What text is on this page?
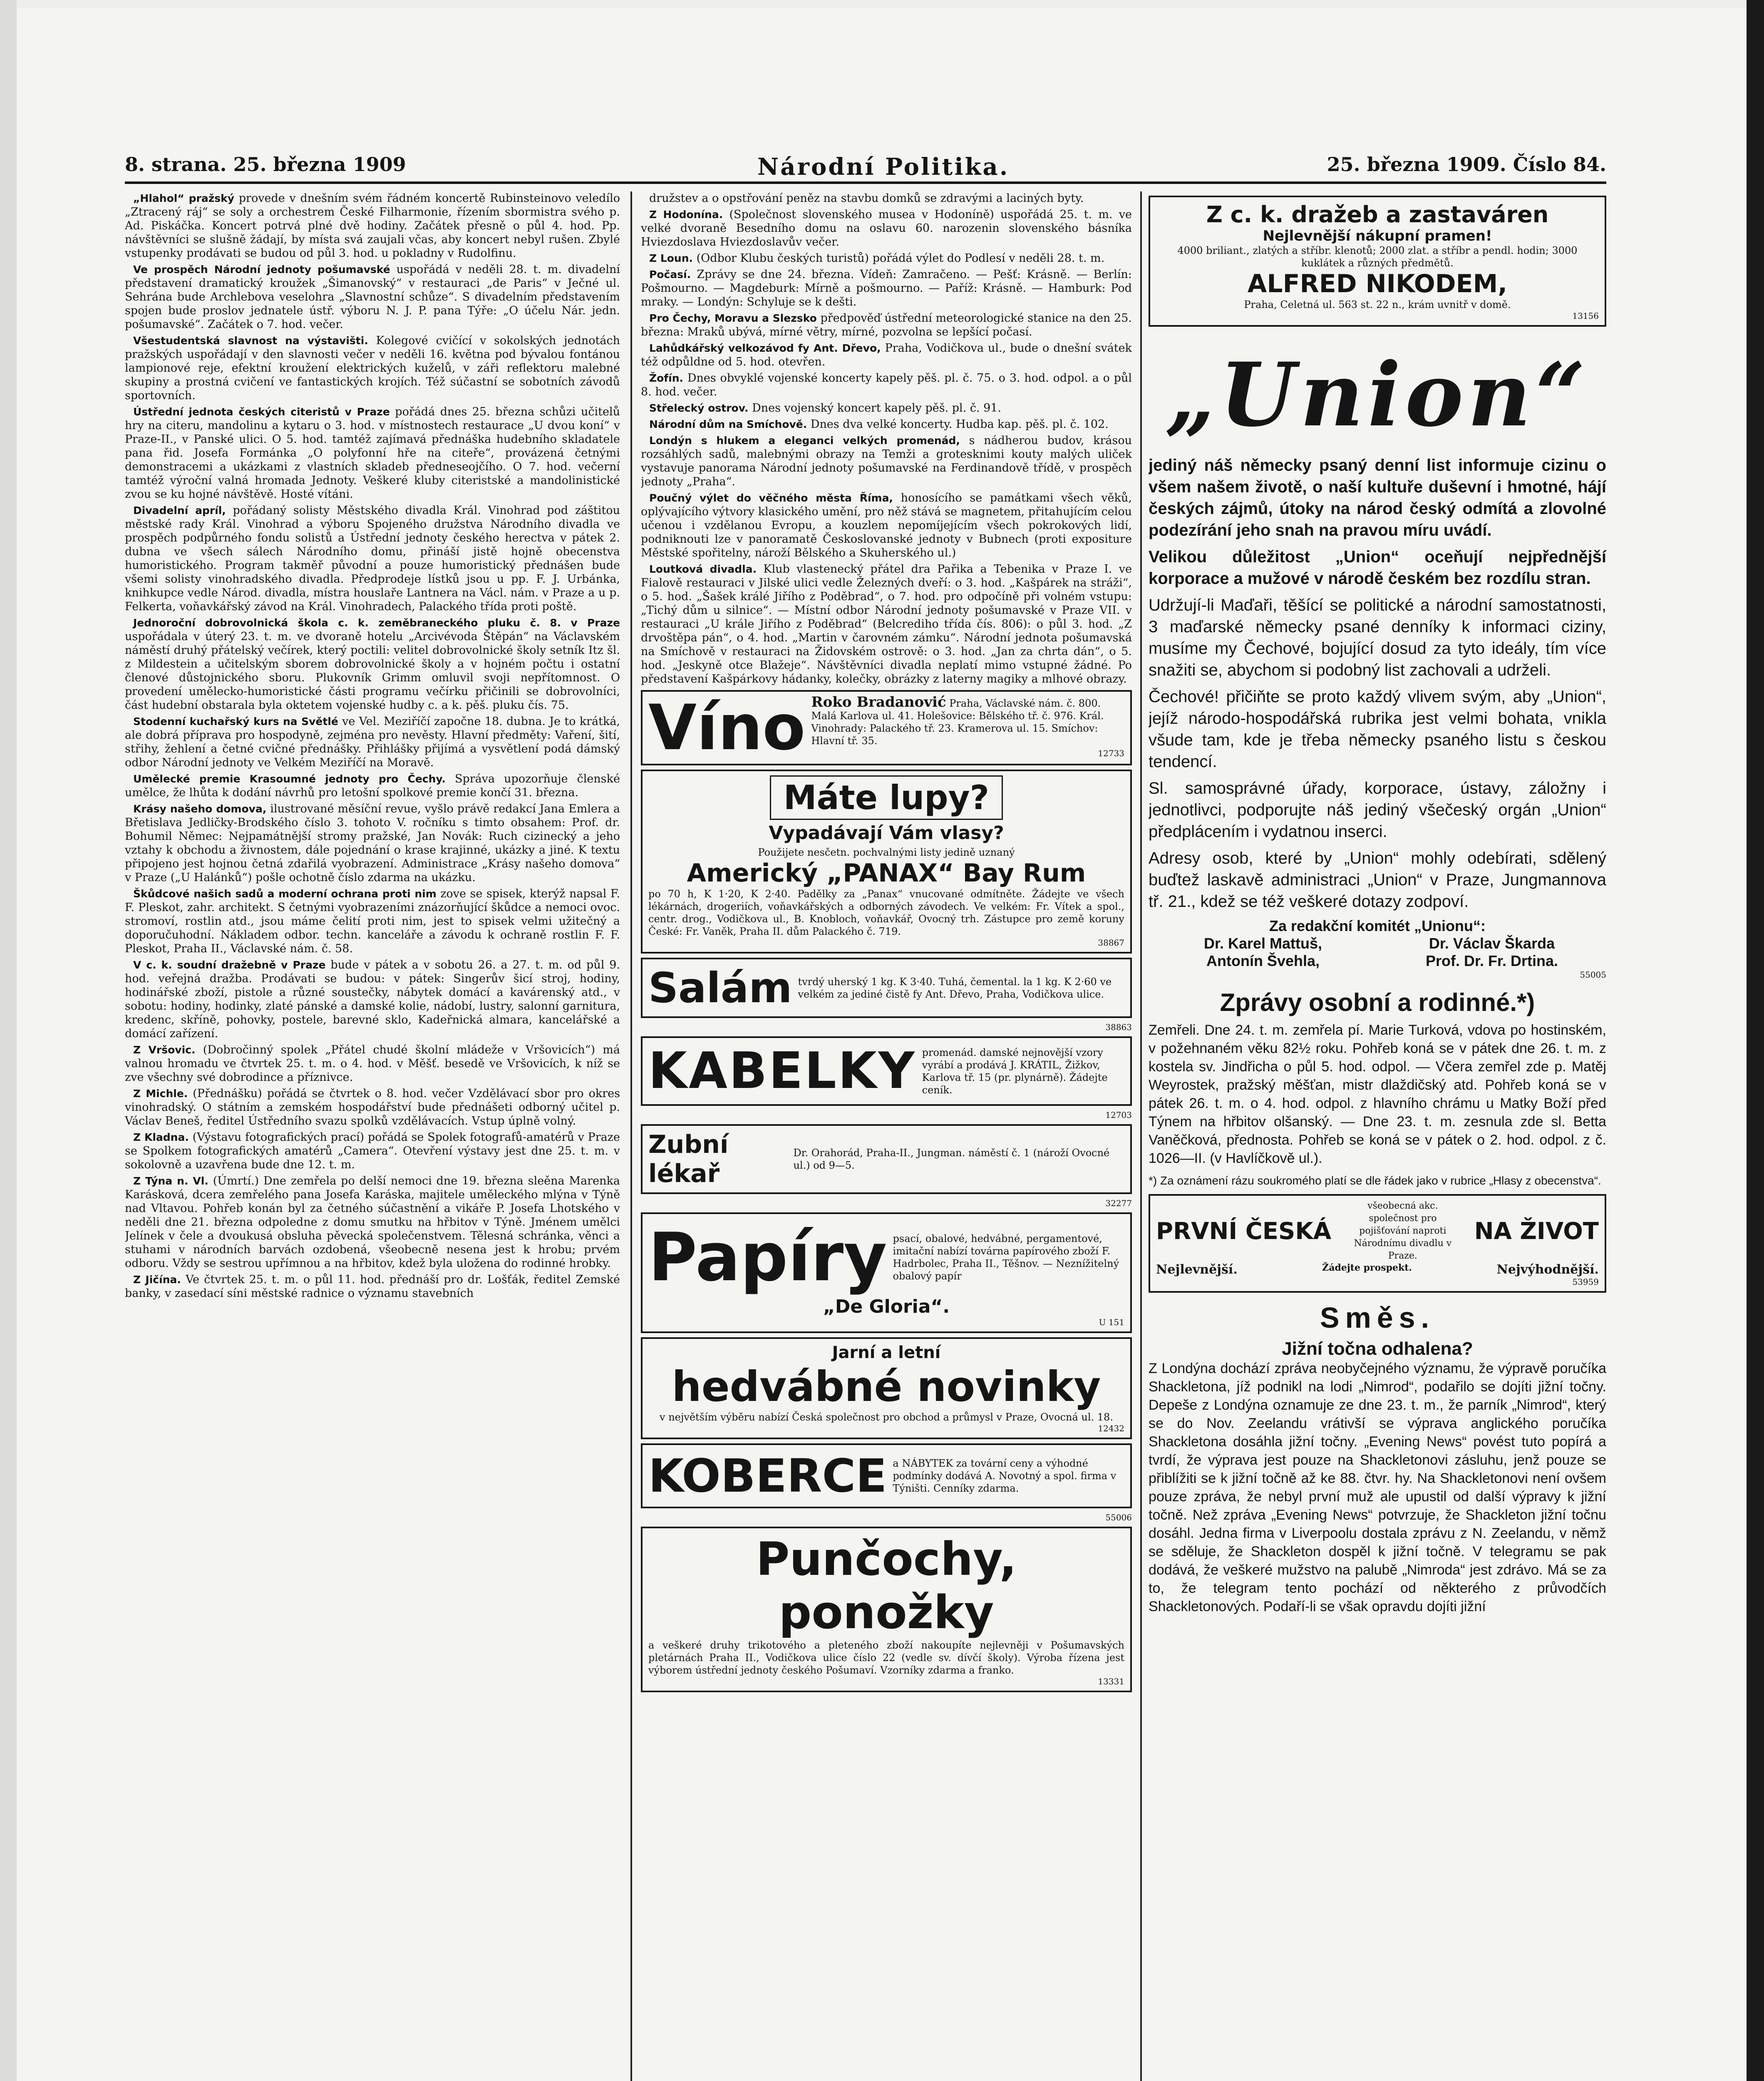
8. strana. 25. března 1909	Národní Politika.	25. března 1909. Číslo 84.

„Hlahol“ pražský provede v dnešním svém řádném koncertě Rubinsteinovo veledílo „Ztracený ráj“ se soly a orchestrem České Filharmonie, řízením sbormistra svého p. Ad. Piskáčka. Koncert potrvá plné dvě hodiny. Začátek přesně o půl 4. hod. Pp. návštěvníci se slušně žádají, by místa svá zaujali včas, aby koncert nebyl rušen. Zbylé vstupenky prodávati se budou od půl 3. hod. u pokladny v Rudolfinu.

Ve prospěch Národní jednoty pošumavské uspořádá v neděli 28. t. m. divadelní představení dramatický kroužek „Šimanovský“ v restauraci „de Paris“ v Ječné ul. Sehrána bude Archlebova veselohra „Slavnostní schůze“. S divadelním představením spojen bude proslov jednatele ústř. výboru N. J. P. pana Týře: „O účelu Nár. jedn. pošumavské“. Začátek o 7. hod. večer.

Všestudentská slavnost na výstavišti. Kolegové cvičící v sokolských jednotách pražských uspořádají v den slavnosti večer v neděli 16. května pod bývalou fontánou lampionové reje, efektní kroužení elektrických kuželů, v záři reflektoru malebné skupiny a prostná cvičení ve fantastických krojích. Též súčastní se sobotních závodů sportovních.

Ústřední jednota českých citeristů v Praze pořádá dnes 25. března schůzi učitelů hry na citeru, mandolinu a kytaru o 3. hod. v místnostech restaurace „U dvou koní“ v Praze-II., v Panské ulici. O 5. hod. tamtéž zajímavá přednáška hudebního skladatele pana řid. Josefa Formánka „O polyfonní hře na citeře“, provázená četnými demonstracemi a ukázkami z vlastních skladeb předneseojčího. O 7. hod. večerní tamtéž výroční valná hromada Jednoty. Veškeré kluby citeristské a mandolinistické zvou se ku hojné návštěvě. Hosté vítáni.

Divadelní apríl, pořádaný solisty Městského divadla Král. Vinohrad pod záštitou městské rady Král. Vinohrad a výboru Spojeného družstva Národního divadla ve prospěch podpůrného fondu solistů a Ústřední jednoty českého herectva v pátek 2. dubna ve všech sálech Národního domu, přináší jistě hojně obecenstva humoristického. Program takměř původní a pouze humoristický přednášen bude všemi solisty vinohradského divadla. Předprodeje lístků jsou u pp. F. J. Urbánka, knihkupce vedle Národ. divadla, místra houslaře Lantnera na Václ. nám. v Praze a u p. Felkerta, voňavkářský závod na Král. Vinohradech, Palackého třída proti poště.

Jednoroční dobrovolnická škola c. k. zeměbraneckého pluku č. 8. v Praze uspořádala v úterý 23. t. m. ve dvoraně hotelu „Arcivévoda Štěpán“ na Václavském náměstí druhý přátelský večírek, který poctili: velitel dobrovolnické školy setník Itz šl. z Mildestein a učitelským sborem dobrovolnické školy a v hojném počtu i ostatní členové důstojnického sboru. Plukovník Grimm omluvil svoji nepřítomnost. O provedení umělecko-humoristické části programu večírku přičinili se dobrovolníci, část hudební obstarala byla oktetem vojenské hudby c. a k. pěš. pluku čís. 75.

Stodenní kuchařský kurs na Světlé ve Vel. Meziříčí započne 18. dubna. Je to krátká, ale dobrá příprava pro hospodyně, zejména pro nevěsty. Hlavní předměty: Vaření, šití, střihy, žehlení a četné cvičné přednášky. Přihlášky přijímá a vysvětlení podá dámský odbor Národní jednoty ve Velkém Meziříčí na Moravě.

Umělecké premie Krasoumné jednoty pro Čechy. Správa upozorňuje členské umělce, že lhůta k dodání návrhů pro letošní spolkové premie končí 31. března.

Krásy našeho domova, ilustrované měsíční revue, vyšlo právě redakcí Jana Emlera a Břetislava Jedličky-Brodského číslo 3. tohoto V. ročníku s timto obsahem: Prof. dr. Bohumil Němec: Nejpamátnější stromy pražské, Jan Novák: Ruch cizinecký a jeho vztahy k obchodu a živnostem, dále pojednání o krase krajinné, ukázky a jiné. K textu připojeno jest hojnou četná zdařilá vyobrazení. Administrace „Krásy našeho domova“ v Praze („U Halánků“) pošle ochotně číslo zdarma na ukázku.

Škůdcové našich sadů a moderní ochrana proti nim zove se spisek, kterýž napsal F. F. Pleskot, zahr. architekt. S četnými vyobrazeními znázorňující škůdce a nemoci ovoc. stromoví, rostlin atd., jsou máme čelití proti nim, jest to spisek velmi užitečný a doporučuhodní. Nákladem odbor. techn. kanceláře a závodu k ochraně rostlin F. F. Pleskot, Praha II., Václavské nám. č. 58.

V c. k. soudní dražebně v Praze bude v pátek a v sobotu 26. a 27. t. m. od půl 9. hod. veřejná dražba. Prodávati se budou: v pátek: Singerův šicí stroj, hodiny, hodinářské zboží, pistole a různé soustečky, nábytek domácí a kavárenský atd., v sobotu: hodiny, hodinky, zlaté pánské a damské kolie, nádobí, lustry, salonní garnitura, kredenc, skříně, pohovky, postele, barevné sklo, Kadeřnická almara, kancelářské a domácí zařízení.

Z Vršovic. (Dobročinný spolek „Přátel chudé školní mládeže v Vršovicích“) má valnou hromadu ve čtvrtek 25. t. m. o 4. hod. v Měšť. besedě ve Vršovicích, k níž se zve všechny své dobrodince a příznivce.

Z Michle. (Přednášku) pořádá se čtvrtek o 8. hod. večer Vzdělávací sbor pro okres vinohradský. O státním a zemském hospodářství bude přednášeti odborný učitel p. Václav Beneš, ředitel Ústředního svazu spolků vzdělávacích. Vstup úplně volný.

Z Kladna. (Výstavu fotografických prací) pořádá se Spolek fotografů-amatérů v Praze se Spolkem fotografických amatérů „Camera“. Otevření výstavy jest dne 25. t. m. v sokolovně a uzavřena bude dne 12. t. m.

Z Týna n. Vl. (Úmrtí.) Dne zemřela po delší nemoci dne 19. března sleěna Marenka Karásková, dcera zemřelého pana Josefa Karáska, majitele uměleckého mlýna v Týně nad Vltavou. Pohřeb konán byl za četného súčastnění a vikáře P. Josefa Lhotského v neděli dne 21. března odpoledne z domu smutku na hřbitov v Týně. Jménem umělci Jelínek v čele a dvoukusá obsluha pěvecká společenstvem. Tělesná schránka, věnci a stuhami v národních barvách ozdobená, všeobecně nesena jest k hrobu; prvém odboru. Vždy se sestrou upřímnou a na hřbitov, kdež byla uložena do rodinné hrobky.

Z Jičína. Ve čtvrtek 25. t. m. o půl 11. hod. přednáší pro dr. Lošťák, ředitel Zemské banky, v zasedací síni městské radnice o významu stavebních

družstev a o opstřování peněz na stavbu domků se zdravými a laciných byty.

Z Hodonína. (Společnost slovenského musea v Hodoníně) uspořádá 25. t. m. ve velké dvoraně Besedního domu na oslavu 60. narozenin slovenského básníka Hviezdoslava Hviezdoslavův večer.

Z Loun. (Odbor Klubu českých turistů) pořádá výlet do Podlesí v neděli 28. t. m.

Počasí. Zprávy se dne 24. března. Vídeň: Zamračeno. — Pešť: Krásně. — Berlín: Pošmourno. — Magdeburk: Mírně a pošmourno. — Paříž: Krásně. — Hamburk: Pod mraky. — Londýn: Schyluje se k dešti.

Pro Čechy, Moravu a Slezsko předpověď ústřední meteorologické stanice na den 25. března: Mraků ubývá, mírné větry, mírné, pozvolna se lepšící počasí.

Lahůdkářský velkozávod fy Ant. Dřevo, Praha, Vodičkova ul., bude o dnešní svátek též odpůldne od 5. hod. otevřen.

Žofín. Dnes obvyklé vojenské koncerty kapely pěš. pl. č. 75. o 3. hod. odpol. a o půl 8. hod. večer.

Střelecký ostrov. Dnes vojenský koncert kapely pěš. pl. č. 91.

Národní dům na Smíchově. Dnes dva velké koncerty. Hudba kap. pěš. pl. č. 102.

Londýn s hlukem a eleganci velkých promenád, s nádherou budov, krásou rozsáhlých sadů, malebnými obrazy na Temži a grotesknimi kouty malých uliček vystavuje panorama Národní jednoty pošumavské na Ferdinandově třídě, v prospěch jednoty „Praha“.

Poučný výlet do věčného města Říma, honosícího se památkami všech věků, oplývajícího výtvory klasického umění, pro něž stává se magnetem, přitahujícím celou učenou i vzdělanou Evropu, a kouzlem nepomíjejícím všech pokrokových lidí, podniknouti lze v panoramatě Českoslovanské jednoty v Bubnech (proti expositure Městské spořitelny, nároží Bělského a Skuherského ul.)

Loutková divadla. Klub vlastenecký přátel dra Pařika a Tebenika v Praze I. ve Fialově restauraci v Jilské ulici vedle Železných dveří: o 3. hod. „Kašpárek na stráži“, o 5. hod. „Šašek králé Jiřího z Poděbrad“, o 7. hod. pro odpočíně při volném vstupu: „Tichý dům u silnice“. — Místní odbor Národní jednoty pošumavské v Praze VII. v restauraci „U krále Jiřího z Poděbrad“ (Belcrediho třída čís. 806): o půl 3. hod. „Z drvoštěpa pán“, o 4. hod. „Martin v čarovném zámku“. Národní jednota pošumavská na Smíchově v restauraci na Židovském ostrově: o 3. hod. „Jan za chrta dán“, o 5. hod. „Jeskyně otce Blažeje“. Návštěvníci divadla neplatí mimo vstupné žádné. Po představení Kašpárkovy hádanky, kolečky, obrázky z laterny magiky a mlhové obrazy.

Víno Roko Bradanović Praha, Václavské nám. č. 800. Malá Karlova ul. 41. Holešovice: Bělského tř. č. 976. Král. Vinohrady: Palackého tř. 23. Kramerova ul. 15. Smíchov: Hlavní tř. 35.
12733
Máte lupy?
Vypadávají Vám vlasy?
Použijete nesčetn. pochvalnými listy jedině uznaný
Americký „PANAX“ Bay Rum
po 70 h, K 1·20, K 2·40. Padělky za „Panax“ vnucované odmítněte. Žádejte ve všech lékárnách, drogeriích, voňavkářských a odborných závodech. Ve velkém: Fr. Vítek a spol., centr. drog., Vodičkova ul., B. Knobloch, voňavkář, Ovocný trh. Zástupce pro země koruny České: Fr. Vaněk, Praha II. dům Palackého č. 719.
38867
Salám tvrdý uherský 1 kg. K 3·40. Tuhá, čemental. la 1 kg. K 2·60 ve velkém za jediné čistě fy Ant. Dřevo, Praha, Vodičkova ulice.
38863
KABELKY promenád. damské nejnovější vzory vyrábí a prodává J. KRÁTIL, Žižkov, Karlova tř. 15 (pr. plynárně). Žádejte ceník.
12703
Zubní lékař
Dr. Orahorád, Praha-II., Jungman. náměstí č. 1 (nároží Ovocné ul.) od 9—5.
32277
Papíry psací, obalové, hedvábné, pergamentové, imitační nabízí továrna papírového zboží F. Hadrbolec, Praha II., Těšnov. — Neznížitelný obalový papír
„De Gloria“.
U 151
Jarní a letní
hedvábné novinky
v největším výběru nabízí Česká společnost pro obchod a průmysl v Praze, Ovocná ul. 18.
12432
KOBERCE a NÁBYTEK za tovární ceny a výhodné podmínky dodává A. Novotný a spol. firma v Týništi. Cenníky zdarma.
55006
Punčochy, ponožky
a veškeré druhy trikotového a pleteného zboží nakoupíte nejlevněji v Pošumavských pletárnách Praha II., Vodičkova ulice číslo 22 (vedle sv. dívčí školy). Výroba řízena jest výborem ústřední jednoty českého Pošumaví. Vzorníky zdarma a franko.
13331
Z c. k. dražeb a zastaváren
Nejlevnější nákupní pramen!
4000 briliant., zlatých a stříbr. klenotů; 2000 zlat. a stříbr a pendl. hodin; 3000 kuklátek a různých předmětů.
ALFRED NIKODEM,
Praha, Celetná ul. 563 st. 22 n., krám uvnitř v domě.
13156
„Union“

jediný náš německy psaný denní list informuje cizinu o všem našem životě, o naší kultuře duševní i hmotné, hájí českých zájmů, útoky na národ český odmítá a zlovolné podezírání jeho snah na pravou míru uvádí.

Velikou důležitost „Union“ oceňují nejpřednější korporace a mužové v národě českém bez rozdílu stran.

Udržují-li Maďaři, těšící se politické a národní samostatnosti, 3 maďarské německy psané denníky k informaci ciziny, musíme my Čechové, bojující dosud za tyto ideály, tím více snažiti se, abychom si podobný list zachovali a udrželi.

Čechové! přičiňte se proto každý vlivem svým, aby „Union“, jejíž národo-hospodářská rubrika jest velmi bohata, vnikla všude tam, kde je třeba německy psaného listu s českou tendencí.

Sl. samosprávné úřady, korporace, ústavy, záložny i jednotlivci, podporujte náš jediný všečeský orgán „Union“ předplácením i vydatnou inserci.

Adresy osob, které by „Union“ mohly odebírati, sdělený buďtež laskavě administraci „Union“ v Praze, Jungmannova tř. 21., kdež se též veškeré dotazy zodpoví.

Za redakční komitét „Unionu“:
Dr. Karel Mattuš,	Dr. Václav Škarda
Antonín Švehla,	Prof. Dr. Fr. Drtina.
55005
Zprávy osobní a rodinné.*)

Zemřeli. Dne 24. t. m. zemřela pí. Marie Turková, vdova po hostinském, v požehnaném věku 82½ roku. Pohřeb koná se v pátek dne 26. t. m. z kostela sv. Jindřicha o půl 5. hod. odpol. — Včera zemřel zde p. Matěj Weyrostek, pražský měšťan, mistr dlaždičský atd. Pohřeb koná se v pátek 26. t. m. o 4. hod. odpol. z hlavního chrámu u Matky Boží před Týnem na hřbitov olšanský. — Dne 23. t. m. zesnula zde sl. Betta Vaněčková, přednosta. Pohřeb se koná se v pátek o 2. hod. odpol. z č. 1026—II. (v Havlíčkově ul.).

*) Za oznámení rázu soukromého platí se dle řádek jako v rubrice „Hlasy z obecenstva“.

PRVNÍ ČESKÁ
všeobecná akc. společnost pro pojišťování naproti Národnímu divadlu v Praze.
NA ŽIVOT
Nejlevnější.	Žádejte prospekt.	Nejvýhodnější.
53959
Směs.
Jižní točna odhalena?

Z Londýna dochází zpráva neobyčejného významu, že výpravě poručíka Shackletona, jíž podnikl na lodi „Nimrod“, podařilo se dojíti jižní točny. Depeše z Londýna oznamuje ze dne 23. t. m., že parník „Nimrod“, který se do Nov. Zeelandu vrátivší se výprava anglického poručíka Shackletona dosáhla jižní točny. „Evening News“ povést tuto popírá a tvrdí, že výprava jest pouze na Shackletonovi zásluhu, jenž pouze se přiblížiti se k jižní točně až ke 88. čtvr. hy. Na Shackletonovi není ovšem pouze zpráva, že nebyl první muž ale upustil od další výpravy k jižní točně. Než zpráva „Evening News“ potvrzuje, že Shackleton jižní točnu dosáhl. Jedna firma v Liverpoolu dostala zprávu z N. Zeelandu, v němž se sděluje, že Shackleton dospěl k jižní točně. V telegramu se pak dodává, že veškeré mužstvo na palubě „Nimroda“ jest zdrávo. Má se za to, že telegram tento pochází od některého z průvodčích Shackletonových. Podaří-li se však opravdu dojíti jižní
